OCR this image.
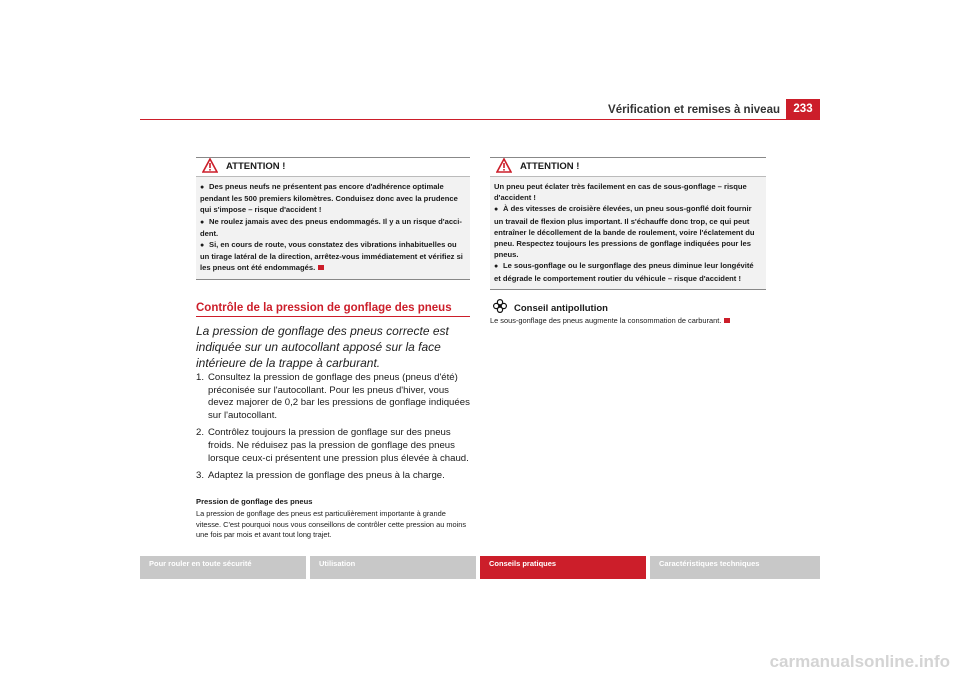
Vérification et remises à niveau	233
ATTENTION !

● Des pneus neufs ne présentent pas encore d'adhérence optimale pendant les 500 premiers kilomètres. Conduisez donc avec la prudence qui s'impose – risque d'accident !

● Ne roulez jamais avec des pneus endommagés. Il y a un risque d'acci-dent.

● Si, en cours de route, vous constatez des vibrations inhabituelles ou un tirage latéral de la direction, arrêtez-vous immédiatement et vérifiez si les pneus ont été endommagés.

Contrôle de la pression de gonflage des pneus
La pression de gonflage des pneus correcte est indiquée sur un autocollant apposé sur la face intérieure de la trappe à carburant.
1. Consultez la pression de gonflage des pneus (pneus d'été) préconisée sur l'autocollant. Pour les pneus d'hiver, vous devez majorer de 0,2 bar les pressions de gonflage indiquées sur l'autocollant.
2. Contrôlez toujours la pression de gonflage sur des pneus froids. Ne réduisez pas la pression de gonflage des pneus lorsque ceux-ci présentent une pression plus élevée à chaud.
3. Adaptez la pression de gonflage des pneus à la charge.
Pression de gonflage des pneus
La pression de gonflage des pneus est particulièrement importante à grande vitesse. C'est pourquoi nous vous conseillons de contrôler cette pression au moins une fois par mois et avant tout long trajet.
ATTENTION !

Un pneu peut éclater très facilement en cas de sous-gonflage – risque d'accident !

● À des vitesses de croisière élevées, un pneu sous-gonflé doit fournir un travail de flexion plus important. Il s'échauffe donc trop, ce qui peut entraîner le décollement de la bande de roulement, voire l'éclatement du pneu. Respectez toujours les pressions de gonflage indiquées pour les pneus.

● Le sous-gonflage ou le surgonflage des pneus diminue leur longévité et dégrade le comportement routier du véhicule – risque d'accident !

Conseil antipollution
Le sous-gonflage des pneus augmente la consommation de carburant.
Pour rouler en toute sécurité	Utilisation	Conseils pratiques	Caractéristiques techniques
carmanualsonline.info
